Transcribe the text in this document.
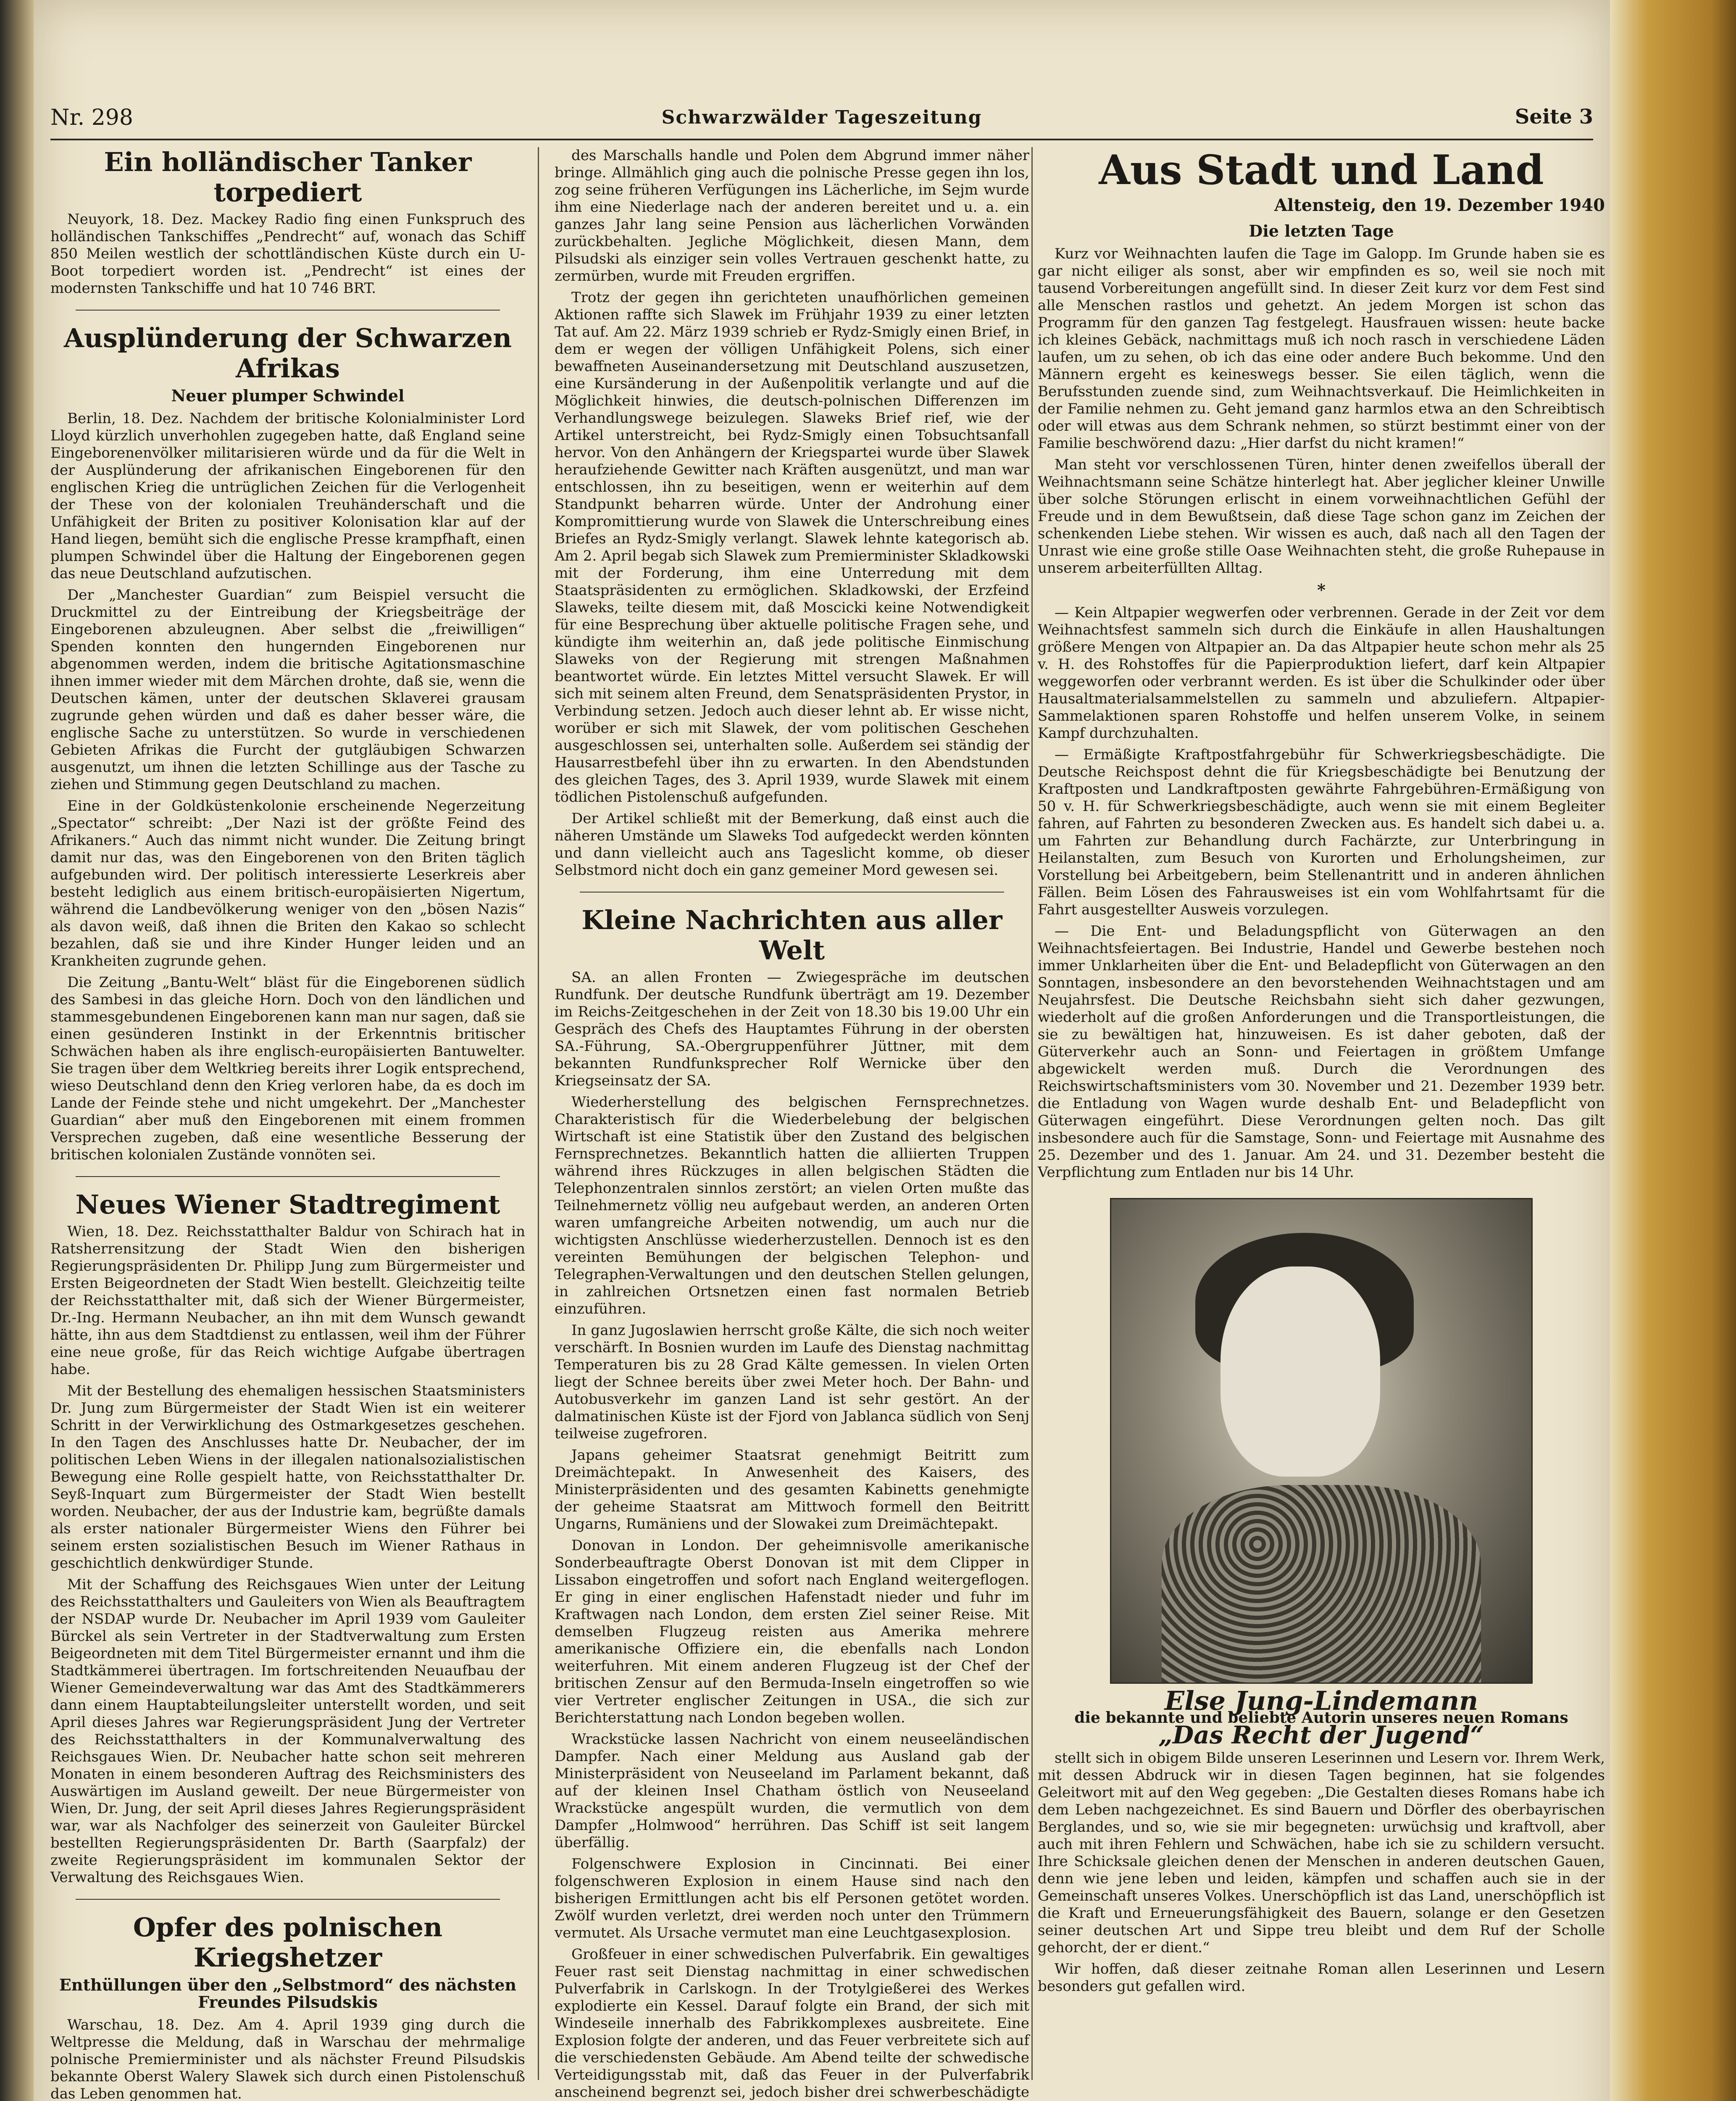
Nr. 298	Schwarzwälder Tageszeitung	Seite 3
Ein holländischer Tanker torpediert

Neuyork, 18. Dez. Mackey Radio fing einen Funkspruch des holländischen Tankschiffes „Pendrecht“ auf, wonach das Schiff 850 Meilen westlich der schottländischen Küste durch ein U-Boot torpediert worden ist. „Pendrecht“ ist eines der modernsten Tankschiffe und hat 10 746 BRT.

Ausplünderung der Schwarzen Afrikas
Neuer plumper Schwindel

Berlin, 18. Dez. Nachdem der britische Kolonialminister Lord Lloyd kürzlich unverhohlen zugegeben hatte, daß England seine Eingeborenenvölker militarisieren würde und da für die Welt in der Ausplünderung der afrikanischen Eingeborenen für den englischen Krieg die untrüglichen Zeichen für die Verlogenheit der These von der kolonialen Treuhänderschaft und die Unfähigkeit der Briten zu positiver Kolonisation klar auf der Hand liegen, bemüht sich die englische Presse krampfhaft, einen plumpen Schwindel über die Haltung der Eingeborenen gegen das neue Deutschland aufzutischen.

Der „Manchester Guardian“ zum Beispiel versucht die Druckmittel zu der Eintreibung der Kriegsbeiträge der Eingeborenen abzuleugnen. Aber selbst die „freiwilligen“ Spenden konnten den hungernden Eingeborenen nur abgenommen werden, indem die britische Agitationsmaschine ihnen immer wieder mit dem Märchen drohte, daß sie, wenn die Deutschen kämen, unter der deutschen Sklaverei grausam zugrunde gehen würden und daß es daher besser wäre, die englische Sache zu unterstützen. So wurde in verschiedenen Gebieten Afrikas die Furcht der gutgläubigen Schwarzen ausgenutzt, um ihnen die letzten Schillinge aus der Tasche zu ziehen und Stimmung gegen Deutschland zu machen.

Eine in der Goldküstenkolonie erscheinende Negerzeitung „Spectator“ schreibt: „Der Nazi ist der größte Feind des Afrikaners.“ Auch das nimmt nicht wunder. Die Zeitung bringt damit nur das, was den Eingeborenen von den Briten täglich aufgebunden wird. Der politisch interessierte Leserkreis aber besteht lediglich aus einem britisch-europäisierten Nigertum, während die Landbevölkerung weniger von den „bösen Nazis“ als davon weiß, daß ihnen die Briten den Kakao so schlecht bezahlen, daß sie und ihre Kinder Hunger leiden und an Krankheiten zugrunde gehen.

Die Zeitung „Bantu-Welt“ bläst für die Eingeborenen südlich des Sambesi in das gleiche Horn. Doch von den ländlichen und stammesgebundenen Eingeborenen kann man nur sagen, daß sie einen gesünderen Instinkt in der Erkenntnis britischer Schwächen haben als ihre englisch-europäisierten Bantuwelter. Sie tragen über dem Weltkrieg bereits ihrer Logik entsprechend, wieso Deutschland denn den Krieg verloren habe, da es doch im Lande der Feinde stehe und nicht umgekehrt. Der „Manchester Guardian“ aber muß den Eingeborenen mit einem frommen Versprechen zugeben, daß eine wesentliche Besserung der britischen kolonialen Zustände vonnöten sei.

Neues Wiener Stadtregiment

Wien, 18. Dez. Reichsstatthalter Baldur von Schirach hat in Ratsherrensitzung der Stadt Wien den bisherigen Regierungspräsidenten Dr. Philipp Jung zum Bürgermeister und Ersten Beigeordneten der Stadt Wien bestellt. Gleichzeitig teilte der Reichsstatthalter mit, daß sich der Wiener Bürgermeister, Dr.-Ing. Hermann Neubacher, an ihn mit dem Wunsch gewandt hätte, ihn aus dem Stadtdienst zu entlassen, weil ihm der Führer eine neue große, für das Reich wichtige Aufgabe übertragen habe.

Mit der Bestellung des ehemaligen hessischen Staatsministers Dr. Jung zum Bürgermeister der Stadt Wien ist ein weiterer Schritt in der Verwirklichung des Ostmarkgesetzes geschehen. In den Tagen des Anschlusses hatte Dr. Neubacher, der im politischen Leben Wiens in der illegalen nationalsozialistischen Bewegung eine Rolle gespielt hatte, von Reichsstatthalter Dr. Seyß-Inquart zum Bürgermeister der Stadt Wien bestellt worden. Neubacher, der aus der Industrie kam, begrüßte damals als erster nationaler Bürgermeister Wiens den Führer bei seinem ersten sozialistischen Besuch im Wiener Rathaus in geschichtlich denkwürdiger Stunde.

Mit der Schaffung des Reichsgaues Wien unter der Leitung des Reichsstatthalters und Gauleiters von Wien als Beauftragtem der NSDAP wurde Dr. Neubacher im April 1939 vom Gauleiter Bürckel als sein Vertreter in der Stadtverwaltung zum Ersten Beigeordneten mit dem Titel Bürgermeister ernannt und ihm die Stadtkämmerei übertragen. Im fortschreitenden Neuaufbau der Wiener Gemeindeverwaltung war das Amt des Stadtkämmerers dann einem Hauptabteilungsleiter unterstellt worden, und seit April dieses Jahres war Regierungspräsident Jung der Vertreter des Reichsstatthalters in der Kommunalverwaltung des Reichsgaues Wien. Dr. Neubacher hatte schon seit mehreren Monaten in einem besonderen Auftrag des Reichsministers des Auswärtigen im Ausland geweilt. Der neue Bürgermeister von Wien, Dr. Jung, der seit April dieses Jahres Regierungspräsident war, war als Nachfolger des seinerzeit von Gauleiter Bürckel bestellten Regierungspräsidenten Dr. Barth (Saarpfalz) der zweite Regierungspräsident im kommunalen Sektor der Verwaltung des Reichsgaues Wien.

Opfer des polnischen Kriegshetzer
Enthüllungen über den „Selbstmord“ des nächsten Freundes Pilsudskis

Warschau, 18. Dez. Am 4. April 1939 ging durch die Weltpresse die Meldung, daß in Warschau der mehrmalige polnische Premierminister und als nächster Freund Pilsudskis bekannte Oberst Walery Slawek sich durch einen Pistolenschuß das Leben genommen hat.

des Marschalls handle und Polen dem Abgrund immer näher bringe. Allmählich ging auch die polnische Presse gegen ihn los, zog seine früheren Verfügungen ins Lächerliche, im Sejm wurde ihm eine Niederlage nach der anderen bereitet und u. a. ein ganzes Jahr lang seine Pension aus lächerlichen Vorwänden zurückbehalten. Jegliche Möglichkeit, diesen Mann, dem Pilsudski als einziger sein volles Vertrauen geschenkt hatte, zu zermürben, wurde mit Freuden ergriffen.

Trotz der gegen ihn gerichteten unaufhörlichen gemeinen Aktionen raffte sich Slawek im Frühjahr 1939 zu einer letzten Tat auf. Am 22. März 1939 schrieb er Rydz-Smigly einen Brief, in dem er wegen der völligen Unfähigkeit Polens, sich einer bewaffneten Auseinandersetzung mit Deutschland auszusetzen, eine Kursänderung in der Außenpolitik verlangte und auf die Möglichkeit hinwies, die deutsch-polnischen Differenzen im Verhandlungswege beizulegen. Slaweks Brief rief, wie der Artikel unterstreicht, bei Rydz-Smigly einen Tobsuchtsanfall hervor. Von den Anhängern der Kriegspartei wurde über Slawek heraufziehende Gewitter nach Kräften ausgenützt, und man war entschlossen, ihn zu beseitigen, wenn er weiterhin auf dem Standpunkt beharren würde. Unter der Androhung einer Kompromittierung wurde von Slawek die Unterschreibung eines Briefes an Rydz-Smigly verlangt. Slawek lehnte kategorisch ab. Am 2. April begab sich Slawek zum Premierminister Skladkowski mit der Forderung, ihm eine Unterredung mit dem Staatspräsidenten zu ermöglichen. Skladkowski, der Erzfeind Slaweks, teilte diesem mit, daß Moscicki keine Notwendigkeit für eine Besprechung über aktuelle politische Fragen sehe, und kündigte ihm weiterhin an, daß jede politische Einmischung Slaweks von der Regierung mit strengen Maßnahmen beantwortet würde. Ein letztes Mittel versucht Slawek. Er will sich mit seinem alten Freund, dem Senatspräsidenten Prystor, in Verbindung setzen. Jedoch auch dieser lehnt ab. Er wisse nicht, worüber er sich mit Slawek, der vom politischen Geschehen ausgeschlossen sei, unterhalten solle. Außerdem sei ständig der Hausarrestbefehl über ihn zu erwarten. In den Abendstunden des gleichen Tages, des 3. April 1939, wurde Slawek mit einem tödlichen Pistolenschuß aufgefunden.

Der Artikel schließt mit der Bemerkung, daß einst auch die näheren Umstände um Slaweks Tod aufgedeckt werden könnten und dann vielleicht auch ans Tageslicht komme, ob dieser Selbstmord nicht doch ein ganz gemeiner Mord gewesen sei.

Kleine Nachrichten aus aller Welt

SA. an allen Fronten — Zwiegespräche im deutschen Rundfunk. Der deutsche Rundfunk überträgt am 19. Dezember im Reichs-Zeitgeschehen in der Zeit von 18.30 bis 19.00 Uhr ein Gespräch des Chefs des Hauptamtes Führung in der obersten SA.-Führung, SA.-Obergruppenführer Jüttner, mit dem bekannten Rundfunksprecher Rolf Wernicke über den Kriegseinsatz der SA.

Wiederherstellung des belgischen Fernsprechnetzes. Charakteristisch für die Wiederbelebung der belgischen Wirtschaft ist eine Statistik über den Zustand des belgischen Fernsprechnetzes. Bekanntlich hatten die alliierten Truppen während ihres Rückzuges in allen belgischen Städten die Telephonzentralen sinnlos zerstört; an vielen Orten mußte das Teilnehmernetz völlig neu aufgebaut werden, an anderen Orten waren umfangreiche Arbeiten notwendig, um auch nur die wichtigsten Anschlüsse wiederherzustellen. Dennoch ist es den vereinten Bemühungen der belgischen Telephon- und Telegraphen-Verwaltungen und den deutschen Stellen gelungen, in zahlreichen Ortsnetzen einen fast normalen Betrieb einzuführen.

In ganz Jugoslawien herrscht große Kälte, die sich noch weiter verschärft. In Bosnien wurden im Laufe des Dienstag nachmittag Temperaturen bis zu 28 Grad Kälte gemessen. In vielen Orten liegt der Schnee bereits über zwei Meter hoch. Der Bahn- und Autobusverkehr im ganzen Land ist sehr gestört. An der dalmatinischen Küste ist der Fjord von Jablanca südlich von Senj teilweise zugefroren.

Japans geheimer Staatsrat genehmigt Beitritt zum Dreimächtepakt. In Anwesenheit des Kaisers, des Ministerpräsidenten und des gesamten Kabinetts genehmigte der geheime Staatsrat am Mittwoch formell den Beitritt Ungarns, Rumäniens und der Slowakei zum Dreimächtepakt.

Donovan in London. Der geheimnisvolle amerikanische Sonderbeauftragte Oberst Donovan ist mit dem Clipper in Lissabon eingetroffen und sofort nach England weitergeflogen. Er ging in einer englischen Hafenstadt nieder und fuhr im Kraftwagen nach London, dem ersten Ziel seiner Reise. Mit demselben Flugzeug reisten aus Amerika mehrere amerikanische Offiziere ein, die ebenfalls nach London weiterfuhren. Mit einem anderen Flugzeug ist der Chef der britischen Zensur auf den Bermuda-Inseln eingetroffen so wie vier Vertreter englischer Zeitungen in USA., die sich zur Berichterstattung nach London begeben wollen.

Wrackstücke lassen Nachricht von einem neuseeländischen Dampfer. Nach einer Meldung aus Ausland gab der Ministerpräsident von Neuseeland im Parlament bekannt, daß auf der kleinen Insel Chatham östlich von Neuseeland Wrackstücke angespült wurden, die vermutlich von dem Dampfer „Holmwood“ herrühren. Das Schiff ist seit langem überfällig.

Folgenschwere Explosion in Cincinnati. Bei einer folgenschweren Explosion in einem Hause sind nach den bisherigen Ermittlungen acht bis elf Personen getötet worden. Zwölf wurden verletzt, drei werden noch unter den Trümmern vermutet. Als Ursache vermutet man eine Leuchtgasexplosion.

Großfeuer in einer schwedischen Pulverfabrik. Ein gewaltiges Feuer rast seit Dienstag nachmittag in einer schwedischen Pulverfabrik in Carlskogn. In der Trotylgießerei des Werkes explodierte ein Kessel. Darauf folgte ein Brand, der sich mit Windeseile innerhalb des Fabrikkomplexes ausbreitete. Eine Explosion folgte der anderen, und das Feuer verbreitete sich auf die verschiedensten Gebäude. Am Abend teilte der schwedische Verteidigungsstab mit, daß das Feuer in der Pulverfabrik anscheinend begrenzt sei, jedoch bisher drei schwerbeschädigte

Aus Stadt und Land
Altensteig, den 19. Dezember 1940
Die letzten Tage

Kurz vor Weihnachten laufen die Tage im Galopp. Im Grunde haben sie es gar nicht eiliger als sonst, aber wir empfinden es so, weil sie noch mit tausend Vorbereitungen angefüllt sind. In dieser Zeit kurz vor dem Fest sind alle Menschen rastlos und gehetzt. An jedem Morgen ist schon das Programm für den ganzen Tag festgelegt. Hausfrauen wissen: heute backe ich kleines Gebäck, nachmittags muß ich noch rasch in verschiedene Läden laufen, um zu sehen, ob ich das eine oder andere Buch bekomme. Und den Männern ergeht es keineswegs besser. Sie eilen täglich, wenn die Berufsstunden zuende sind, zum Weihnachtsverkauf. Die Heimlichkeiten in der Familie nehmen zu. Geht jemand ganz harmlos etwa an den Schreibtisch oder will etwas aus dem Schrank nehmen, so stürzt bestimmt einer von der Familie beschwörend dazu: „Hier darfst du nicht kramen!“

Man steht vor verschlossenen Türen, hinter denen zweifellos überall der Weihnachtsmann seine Schätze hinterlegt hat. Aber jeglicher kleiner Unwille über solche Störungen erlischt in einem vorweihnachtlichen Gefühl der Freude und in dem Bewußtsein, daß diese Tage schon ganz im Zeichen der schenkenden Liebe stehen. Wir wissen es auch, daß nach all den Tagen der Unrast wie eine große stille Oase Weihnachten steht, die große Ruhepause in unserem arbeiterfüllten Alltag.

*

— Kein Altpapier wegwerfen oder verbrennen. Gerade in der Zeit vor dem Weihnachtsfest sammeln sich durch die Einkäufe in allen Haushaltungen größere Mengen von Altpapier an. Da das Altpapier heute schon mehr als 25 v. H. des Rohstoffes für die Papierproduktion liefert, darf kein Altpapier weggeworfen oder verbrannt werden. Es ist über die Schulkinder oder über Hausaltmaterialsammelstellen zu sammeln und abzuliefern. Altpapier-Sammelaktionen sparen Rohstoffe und helfen unserem Volke, in seinem Kampf durchzuhalten.

— Ermäßigte Kraftpostfahrgebühr für Schwerkriegsbeschädigte. Die Deutsche Reichspost dehnt die für Kriegsbeschädigte bei Benutzung der Kraftposten und Landkraftposten gewährte Fahrgebühren-Ermäßigung von 50 v. H. für Schwerkriegsbeschädigte, auch wenn sie mit einem Begleiter fahren, auf Fahrten zu besonderen Zwecken aus. Es handelt sich dabei u. a. um Fahrten zur Behandlung durch Fachärzte, zur Unterbringung in Heilanstalten, zum Besuch von Kurorten und Erholungsheimen, zur Vorstellung bei Arbeitgebern, beim Stellenantritt und in anderen ähnlichen Fällen. Beim Lösen des Fahrausweises ist ein vom Wohlfahrtsamt für die Fahrt ausgestellter Ausweis vorzulegen.

— Die Ent- und Beladungspflicht von Güterwagen an den Weihnachtsfeiertagen. Bei Industrie, Handel und Gewerbe bestehen noch immer Unklarheiten über die Ent- und Beladepflicht von Güterwagen an den Sonntagen, insbesondere an den bevorstehenden Weihnachtstagen und am Neujahrsfest. Die Deutsche Reichsbahn sieht sich daher gezwungen, wiederholt auf die großen Anforderungen und die Transportleistungen, die sie zu bewältigen hat, hinzuweisen. Es ist daher geboten, daß der Güterverkehr auch an Sonn- und Feiertagen in größtem Umfange abgewickelt werden muß. Durch die Verordnungen des Reichswirtschaftsministers vom 30. November und 21. Dezember 1939 betr. die Entladung von Wagen wurde deshalb Ent- und Beladepflicht von Güterwagen eingeführt. Diese Verordnungen gelten noch. Das gilt insbesondere auch für die Samstage, Sonn- und Feiertage mit Ausnahme des 25. Dezember und des 1. Januar. Am 24. und 31. Dezember besteht die Verpflichtung zum Entladen nur bis 14 Uhr.

Else Jung-Lindemann
die bekannte und beliebte Autorin unseres neuen Romans
„Das Recht der Jugend“

stellt sich in obigem Bilde unseren Leserinnen und Lesern vor. Ihrem Werk, mit dessen Abdruck wir in diesen Tagen beginnen, hat sie folgendes Geleitwort mit auf den Weg gegeben: „Die Gestalten dieses Romans habe ich dem Leben nachgezeichnet. Es sind Bauern und Dörfler des oberbayrischen Berglandes, und so, wie sie mir begegneten: urwüchsig und kraftvoll, aber auch mit ihren Fehlern und Schwächen, habe ich sie zu schildern versucht. Ihre Schicksale gleichen denen der Menschen in anderen deutschen Gauen, denn wie jene leben und leiden, kämpfen und schaffen auch sie in der Gemeinschaft unseres Volkes. Unerschöpflich ist das Land, unerschöpflich ist die Kraft und Erneuerungsfähigkeit des Bauern, solange er den Gesetzen seiner deutschen Art und Sippe treu bleibt und dem Ruf der Scholle gehorcht, der er dient.“

Wir hoffen, daß dieser zeitnahe Roman allen Leserinnen und Lesern besonders gut gefallen wird.
